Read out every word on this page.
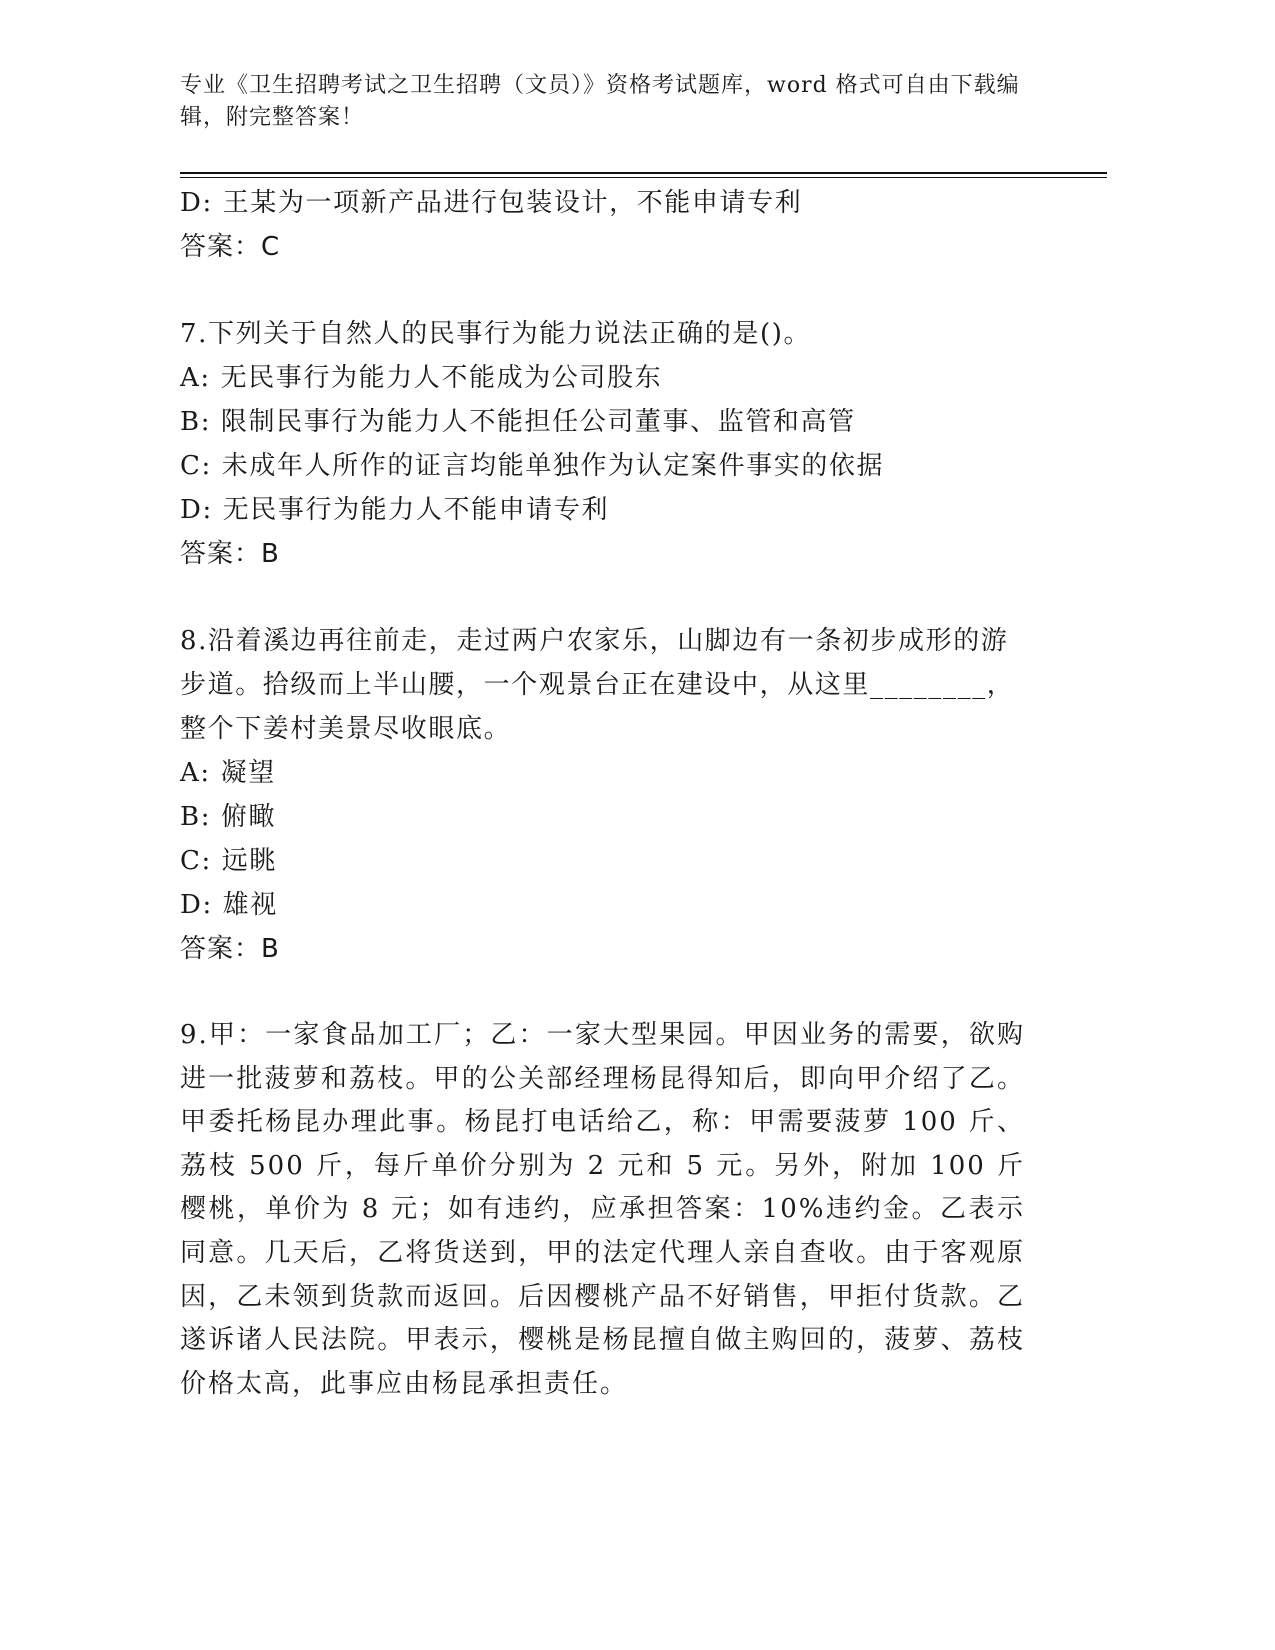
专业《卫生招聘考试之卫生招聘（文员）》资格考试题库，word 格式可自由下载编辑，附完整答案！
D: 王某为一项新产品进行包装设计，不能申请专利
答案：C
7.下列关于自然人的民事行为能力说法正确的是()。
A: 无民事行为能力人不能成为公司股东
B: 限制民事行为能力人不能担任公司董事、监管和高管
C: 未成年人所作的证言均能单独作为认定案件事实的依据
D: 无民事行为能力人不能申请专利
答案：B
8.沿着溪边再往前走，走过两户农家乐，山脚边有一条初步成形的游
步道。拾级而上半山腰，一个观景台正在建设中，从这里________，
整个下姜村美景尽收眼底。
A: 凝望
B: 俯瞰
C: 远眺
D: 雄视
答案：B
9.甲：一家食品加工厂；乙：一家大型果园。甲因业务的需要，欲购进一批菠萝和荔枝。甲的公关部经理杨昆得知后，即向甲介绍了乙。甲委托杨昆办理此事。杨昆打电话给乙，称：甲需要菠萝 100 斤、荔枝 500 斤，每斤单价分别为 2 元和 5 元。另外，附加 100 斤樱桃，单价为 8 元；如有违约，应承担答案：10%违约金。乙表示同意。几天后，乙将货送到，甲的法定代理人亲自查收。由于客观原因，乙未领到货款而返回。后因樱桃产品不好销售，甲拒付货款。乙遂诉诸人民法院。甲表示，樱桃是杨昆擅自做主购回的，菠萝、荔枝价格太高，此事应由杨昆承担责任。
